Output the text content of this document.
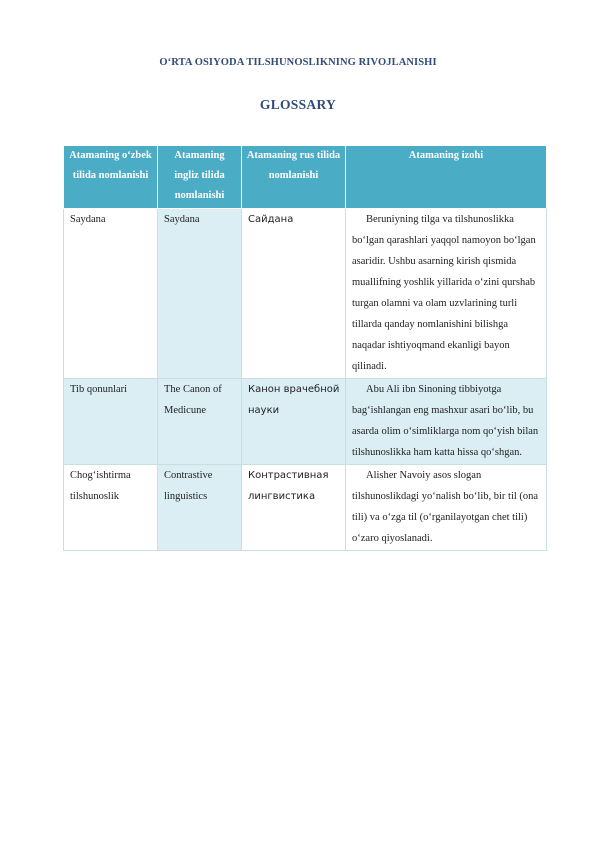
O‘RTA OSIYODA TILSHUNOSLIKNING RIVOJLANISHI
GLOSSARY
Atamaning o‘zbek tilida nomlanishi	Atamaning ingliz tilida nomlanishi	Atamaning rus tilida nomlanishi	Atamaning izohi
Saydana	Saydana	Сайдана	Beruniyning tilga va tilshunoslikka bo‘lgan qarashlari yaqqol namoyon bo‘lgan asaridir. Ushbu asarning kirish qismida muallifning yoshlik yillarida o‘zini qurshab turgan olamni va olam uzvlarining turli tillarda qanday nomlanishini bilishga naqadar ishtiyoqmand ekanligi bayon qilinadi.
Tib qonunlari	The Canon of Medicune	Канон врачебной науки	Abu Ali ibn Sinoning tibbiyotga bag‘ishlangan eng mashxur asari bo‘lib, bu asarda olim o‘simliklarga nom qo‘yish bilan tilshunoslikka ham katta hissa qo‘shgan.
Chog‘ishtirma tilshunoslik	Contrastive linguistics	Контрастивная лингвистика	Alisher Navoiy asos slogan tilshunoslikdagi yo‘nalish bo‘lib, bir til (ona tili) va o‘zga til (o‘rganilayotgan chet tili) o‘zaro qiyoslanadi.
